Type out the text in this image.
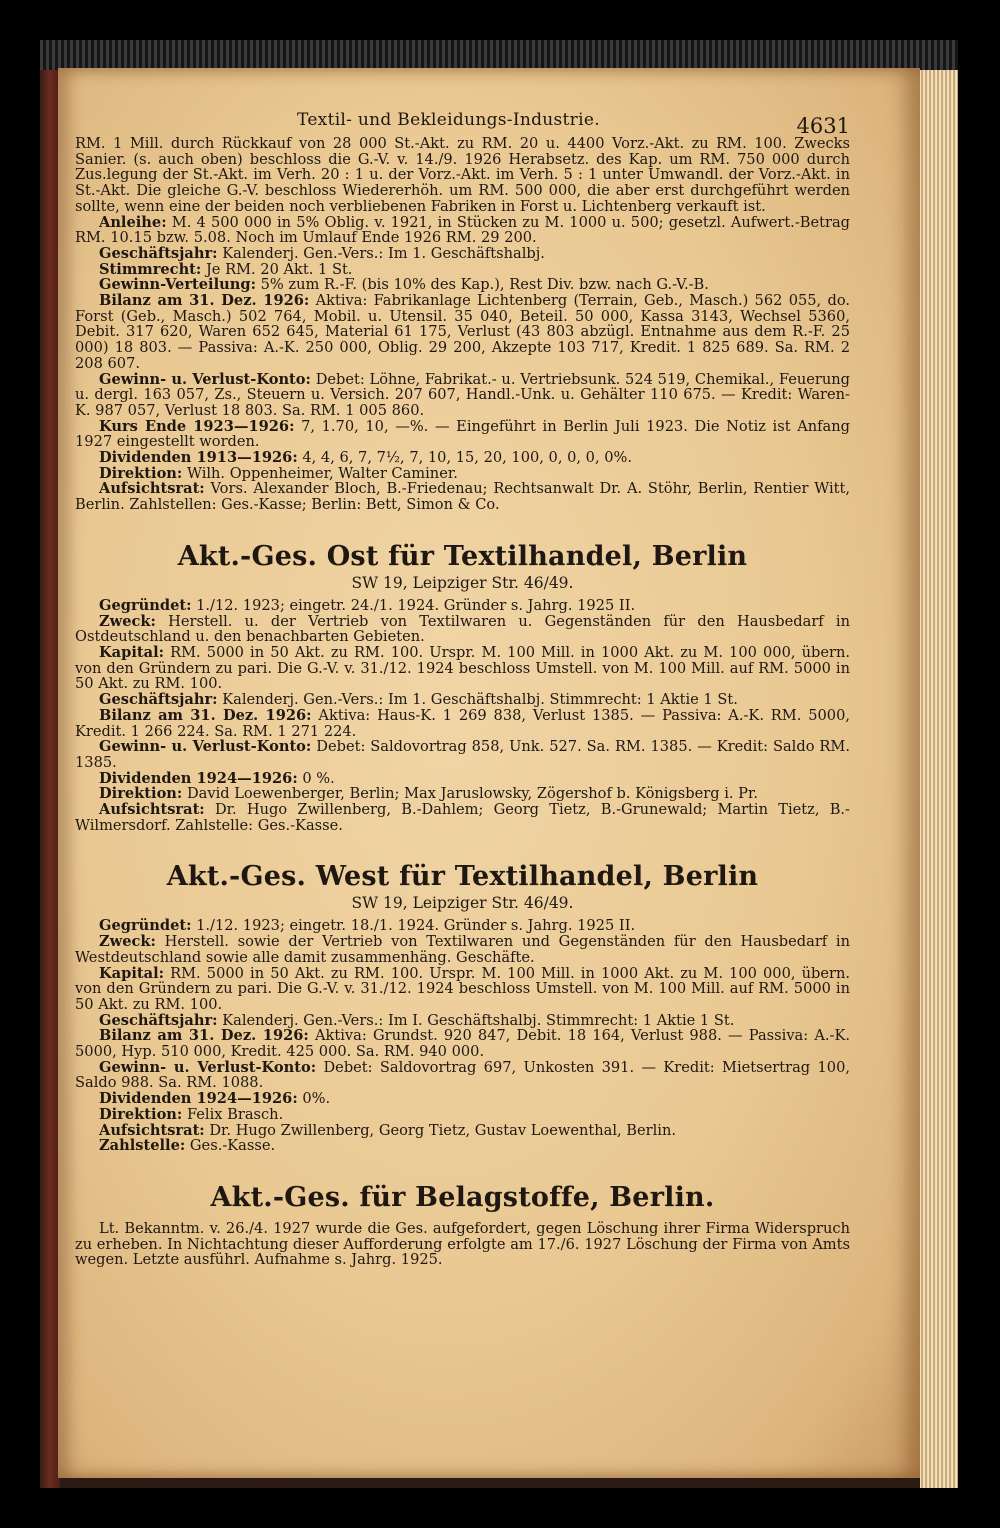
Textil- und Bekleidungs-Industrie.	4631

RM. 1 Mill. durch Rückkauf von 28 000 St.-Akt. zu RM. 20 u. 4400 Vorz.-Akt. zu RM. 100. Zwecks Sanier. (s. auch oben) beschloss die G.-V. v. 14./9. 1926 Herabsetz. des Kap. um RM. 750 000 durch Zus.legung der St.-Akt. im Verh. 20 : 1 u. der Vorz.-Akt. im Verh. 5 : 1 unter Umwandl. der Vorz.-Akt. in St.-Akt. Die gleiche G.-V. beschloss Wiedererhöh. um RM. 500 000, die aber erst durchgeführt werden sollte, wenn eine der beiden noch verbliebenen Fabriken in Forst u. Lichtenberg verkauft ist.

Anleihe: M. 4 500 000 in 5% Oblig. v. 1921, in Stücken zu M. 1000 u. 500; gesetzl. Aufwert.-Betrag RM. 10.15 bzw. 5.08. Noch im Umlauf Ende 1926 RM. 29 200.

Geschäftsjahr: Kalenderj. Gen.-Vers.: Im 1. Geschäftshalbj.

Stimmrecht: Je RM. 20 Akt. 1 St.

Gewinn-Verteilung: 5% zum R.-F. (bis 10% des Kap.), Rest Div. bzw. nach G.-V.-B.

Bilanz am 31. Dez. 1926: Aktiva: Fabrikanlage Lichtenberg (Terrain, Geb., Masch.) 562 055, do. Forst (Geb., Masch.) 502 764, Mobil. u. Utensil. 35 040, Beteil. 50 000, Kassa 3143, Wechsel 5360, Debit. 317 620, Waren 652 645, Material 61 175, Verlust (43 803 abzügl. Entnahme aus dem R.-F. 25 000) 18 803. — Passiva: A.-K. 250 000, Oblig. 29 200, Akzepte 103 717, Kredit. 1 825 689. Sa. RM. 2 208 607.

Gewinn- u. Verlust-Konto: Debet: Löhne, Fabrikat.- u. Vertriebsunk. 524 519, Chemikal., Feuerung u. dergl. 163 057, Zs., Steuern u. Versich. 207 607, Handl.-Unk. u. Gehälter 110 675. — Kredit: Waren-K. 987 057, Verlust 18 803. Sa. RM. 1 005 860.

Kurs Ende 1923—1926: 7, 1.70, 10, —%. — Eingeführt in Berlin Juli 1923. Die Notiz ist Anfang 1927 eingestellt worden.

Dividenden 1913—1926: 4, 4, 6, 7, 7½, 7, 10, 15, 20, 100, 0, 0, 0, 0%.

Direktion: Wilh. Oppenheimer, Walter Caminer.

Aufsichtsrat: Vors. Alexander Bloch, B.-Friedenau; Rechtsanwalt Dr. A. Stöhr, Berlin, Rentier Witt, Berlin. Zahlstellen: Ges.-Kasse; Berlin: Bett, Simon & Co.

Akt.-Ges. Ost für Textilhandel, Berlin
SW 19, Leipziger Str. 46/49.

Gegründet: 1./12. 1923; eingetr. 24./1. 1924. Gründer s. Jahrg. 1925 II.

Zweck: Herstell. u. der Vertrieb von Textilwaren u. Gegenständen für den Hausbedarf in Ostdeutschland u. den benachbarten Gebieten.

Kapital: RM. 5000 in 50 Akt. zu RM. 100. Urspr. M. 100 Mill. in 1000 Akt. zu M. 100 000, übern. von den Gründern zu pari. Die G.-V. v. 31./12. 1924 beschloss Umstell. von M. 100 Mill. auf RM. 5000 in 50 Akt. zu RM. 100.

Geschäftsjahr: Kalenderj. Gen.-Vers.: Im 1. Geschäftshalbj. Stimmrecht: 1 Aktie 1 St.

Bilanz am 31. Dez. 1926: Aktiva: Haus-K. 1 269 838, Verlust 1385. — Passiva: A.-K. RM. 5000, Kredit. 1 266 224. Sa. RM. 1 271 224.

Gewinn- u. Verlust-Konto: Debet: Saldovortrag 858, Unk. 527. Sa. RM. 1385. — Kredit: Saldo RM. 1385.

Dividenden 1924—1926: 0 %.

Direktion: David Loewenberger, Berlin; Max Jaruslowsky, Zögershof b. Königsberg i. Pr.

Aufsichtsrat: Dr. Hugo Zwillenberg, B.-Dahlem; Georg Tietz, B.-Grunewald; Martin Tietz, B.-Wilmersdorf. Zahlstelle: Ges.-Kasse.

Akt.-Ges. West für Textilhandel, Berlin
SW 19, Leipziger Str. 46/49.

Gegründet: 1./12. 1923; eingetr. 18./1. 1924. Gründer s. Jahrg. 1925 II.

Zweck: Herstell. sowie der Vertrieb von Textilwaren und Gegenständen für den Hausbedarf in Westdeutschland sowie alle damit zusammenhäng. Geschäfte.

Kapital: RM. 5000 in 50 Akt. zu RM. 100. Urspr. M. 100 Mill. in 1000 Akt. zu M. 100 000, übern. von den Gründern zu pari. Die G.-V. v. 31./12. 1924 beschloss Umstell. von M. 100 Mill. auf RM. 5000 in 50 Akt. zu RM. 100.

Geschäftsjahr: Kalenderj. Gen.-Vers.: Im I. Geschäftshalbj. Stimmrecht: 1 Aktie 1 St.

Bilanz am 31. Dez. 1926: Aktiva: Grundst. 920 847, Debit. 18 164, Verlust 988. — Passiva: A.-K. 5000, Hyp. 510 000, Kredit. 425 000. Sa. RM. 940 000.

Gewinn- u. Verlust-Konto: Debet: Saldovortrag 697, Unkosten 391. — Kredit: Mietsertrag 100, Saldo 988. Sa. RM. 1088.

Dividenden 1924—1926: 0%.

Direktion: Felix Brasch.

Aufsichtsrat: Dr. Hugo Zwillenberg, Georg Tietz, Gustav Loewenthal, Berlin.

Zahlstelle: Ges.-Kasse.

Akt.-Ges. für Belagstoffe, Berlin.

Lt. Bekanntm. v. 26./4. 1927 wurde die Ges. aufgefordert, gegen Löschung ihrer Firma Widerspruch zu erheben. In Nichtachtung dieser Aufforderung erfolgte am 17./6. 1927 Löschung der Firma von Amts wegen. Letzte ausführl. Aufnahme s. Jahrg. 1925.
